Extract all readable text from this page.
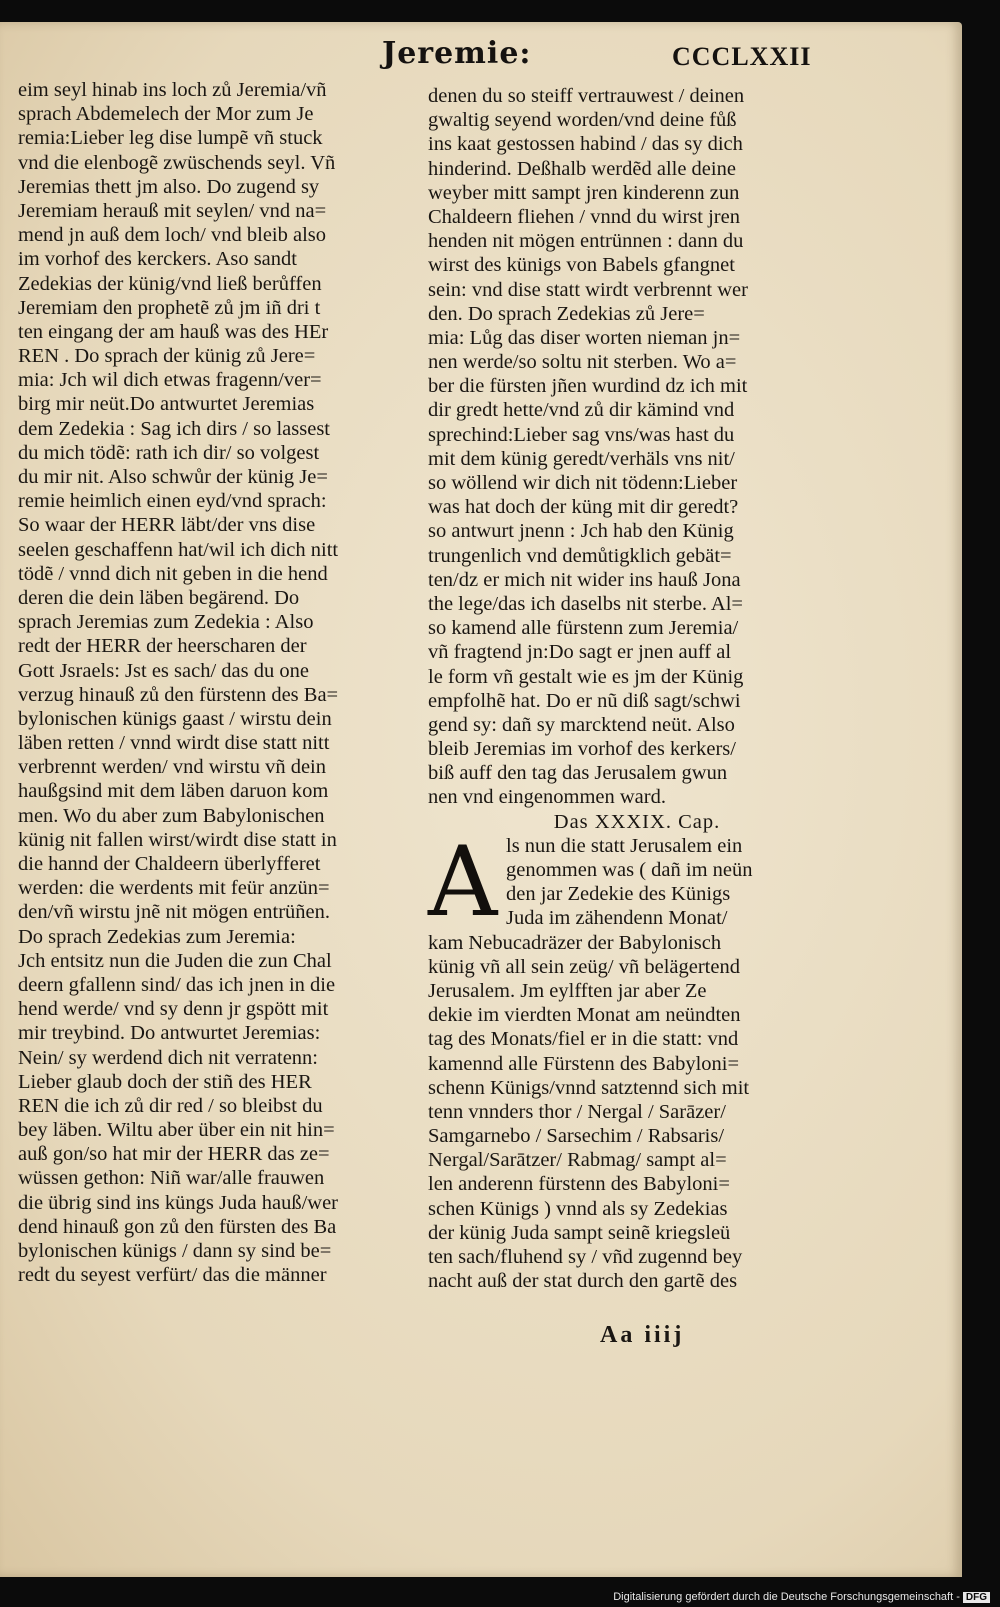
Jeremie:	CCCLXXII
eim seyl hinab ins loch zů Jeremia/vñ
sprach Abdemelech der Mor zum Je
remia:Lieber leg dise lumpẽ vñ stuck
vnd die elenbogẽ zwüschends seyl. Vñ
Jeremias thett jm also. Do zugend sy
Jeremiam herauß mit seylen/ vnd na=
mend jn auß dem loch/ vnd bleib also
im vorhof des kerckers. Aso sandt
Zedekias der künig/vnd ließ berůffen
Jeremiam den prophetẽ zů jm iñ dri t
ten eingang der am hauß was des HEr
REN . Do sprach der künig zů Jere=
mia: Jch wil dich etwas fragenn/ver=
birg mir neüt.Do antwurtet Jeremias
dem Zedekia : Sag ich dirs / so lassest
du mich tödẽ: rath ich dir/ so volgest
du mir nit. Also schwůr der künig Je=
remie heimlich einen eyd/vnd sprach:
So waar der HERR läbt/der vns dise
seelen geschaffenn hat/wil ich dich nitt
tödẽ / vnnd dich nit geben in die hend
deren die dein läben begärend. Do
sprach Jeremias zum Zedekia : Also
redt der HERR der heerscharen der
Gott Jsraels: Jst es sach/ das du one
verzug hinauß zů den fürstenn des Ba=
bylonischen künigs gaast / wirstu dein
läben retten / vnnd wirdt dise statt nitt
verbrennt werden/ vnd wirstu vñ dein
haußgsind mit dem läben daruon kom
men. Wo du aber zum Babylonischen
künig nit fallen wirst/wirdt dise statt in
die hannd der Chaldeern überlyfferet
werden: die werdents mit feür anzün=
den/vñ wirstu jnẽ nit mögen entrüñen.
Do sprach Zedekias zum Jeremia:
Jch entsitz nun die Juden die zun Chal
deern gfallenn sind/ das ich jnen in die
hend werde/ vnd sy denn jr gspött mit
mir treybind. Do antwurtet Jeremias:
Nein/ sy werdend dich nit verratenn:
Lieber glaub doch der stiñ des HER
REN die ich zů dir red / so bleibst du
bey läben. Wiltu aber über ein nit hin=
auß gon/so hat mir der HERR das ze=
wüssen gethon: Niñ war/alle frauwen
die übrig sind ins küngs Juda hauß/wer
dend hinauß gon zů den fürsten des Ba
bylonischen künigs / dann sy sind be=
redt du seyest verfürt/ das die männer
denen du so steiff vertrauwest / deinen
gwaltig seyend worden/vnd deine fůß
ins kaat gestossen habind / das sy dich
hinderind. Deßhalb werdẽd alle deine
weyber mitt sampt jren kinderenn zun
Chaldeern fliehen / vnnd du wirst jren
henden nit mögen entrünnen : dann du
wirst des künigs von Babels gfangnet
sein: vnd dise statt wirdt verbrennt wer
den. Do sprach Zedekias zů Jere=
mia: Lůg das diser worten nieman jn=
nen werde/so soltu nit sterben. Wo a=
ber die fürsten jñen wurdind dz ich mit
dir gredt hette/vnd zů dir kämind vnd
sprechind:Lieber sag vns/was hast du
mit dem künig geredt/verhäls vns nit/
so wöllend wir dich nit tödenn:Lieber
was hat doch der küng mit dir geredt?
so antwurt jnenn : Jch hab den Künig
trungenlich vnd demůtigklich gebät=
ten/dz er mich nit wider ins hauß Jona
the lege/das ich daselbs nit sterbe. Al=
so kamend alle fürstenn zum Jeremia/
vñ fragtend jn:Do sagt er jnen auff al
le form vñ gestalt wie es jm der Künig
empfolhẽ hat. Do er nũ diß sagt/schwi
gend sy: dañ sy marcktend neüt. Also
bleib Jeremias im vorhof des kerkers/
biß auff den tag das Jerusalem gwun
nen vnd eingenommen ward.
Das XXXIX. Cap.
A ls nun die statt Jerusalem ein
genommen was ( dañ im neün
den jar Zedekie des Künigs
Juda im zähendenn Monat/
kam Nebucadräzer der Babylonisch
künig vñ all sein zeüg/ vñ belägertend
Jerusalem. Jm eylfften jar aber Ze
dekie im vierdten Monat am neündten
tag des Monats/fiel er in die statt: vnd
kamennd alle Fürstenn des Babyloni=
schenn Künigs/vnnd satztennd sich mit
tenn vnnders thor / Nergal / Sarāzer/
Samgarnebo / Sarsechim / Rabsaris/
Nergal/Sarātzer/ Rabmag/ sampt al=
len anderenn fürstenn des Babyloni=
schen Künigs ) vnnd als sy Zedekias
der künig Juda sampt seinẽ kriegsleü
ten sach/fluhend sy / vñd zugennd bey
nacht auß der stat durch den gartẽ des
Aa iiij
Digitalisierung gefördert durch die Deutsche Forschungsgemeinschaft - DFG
